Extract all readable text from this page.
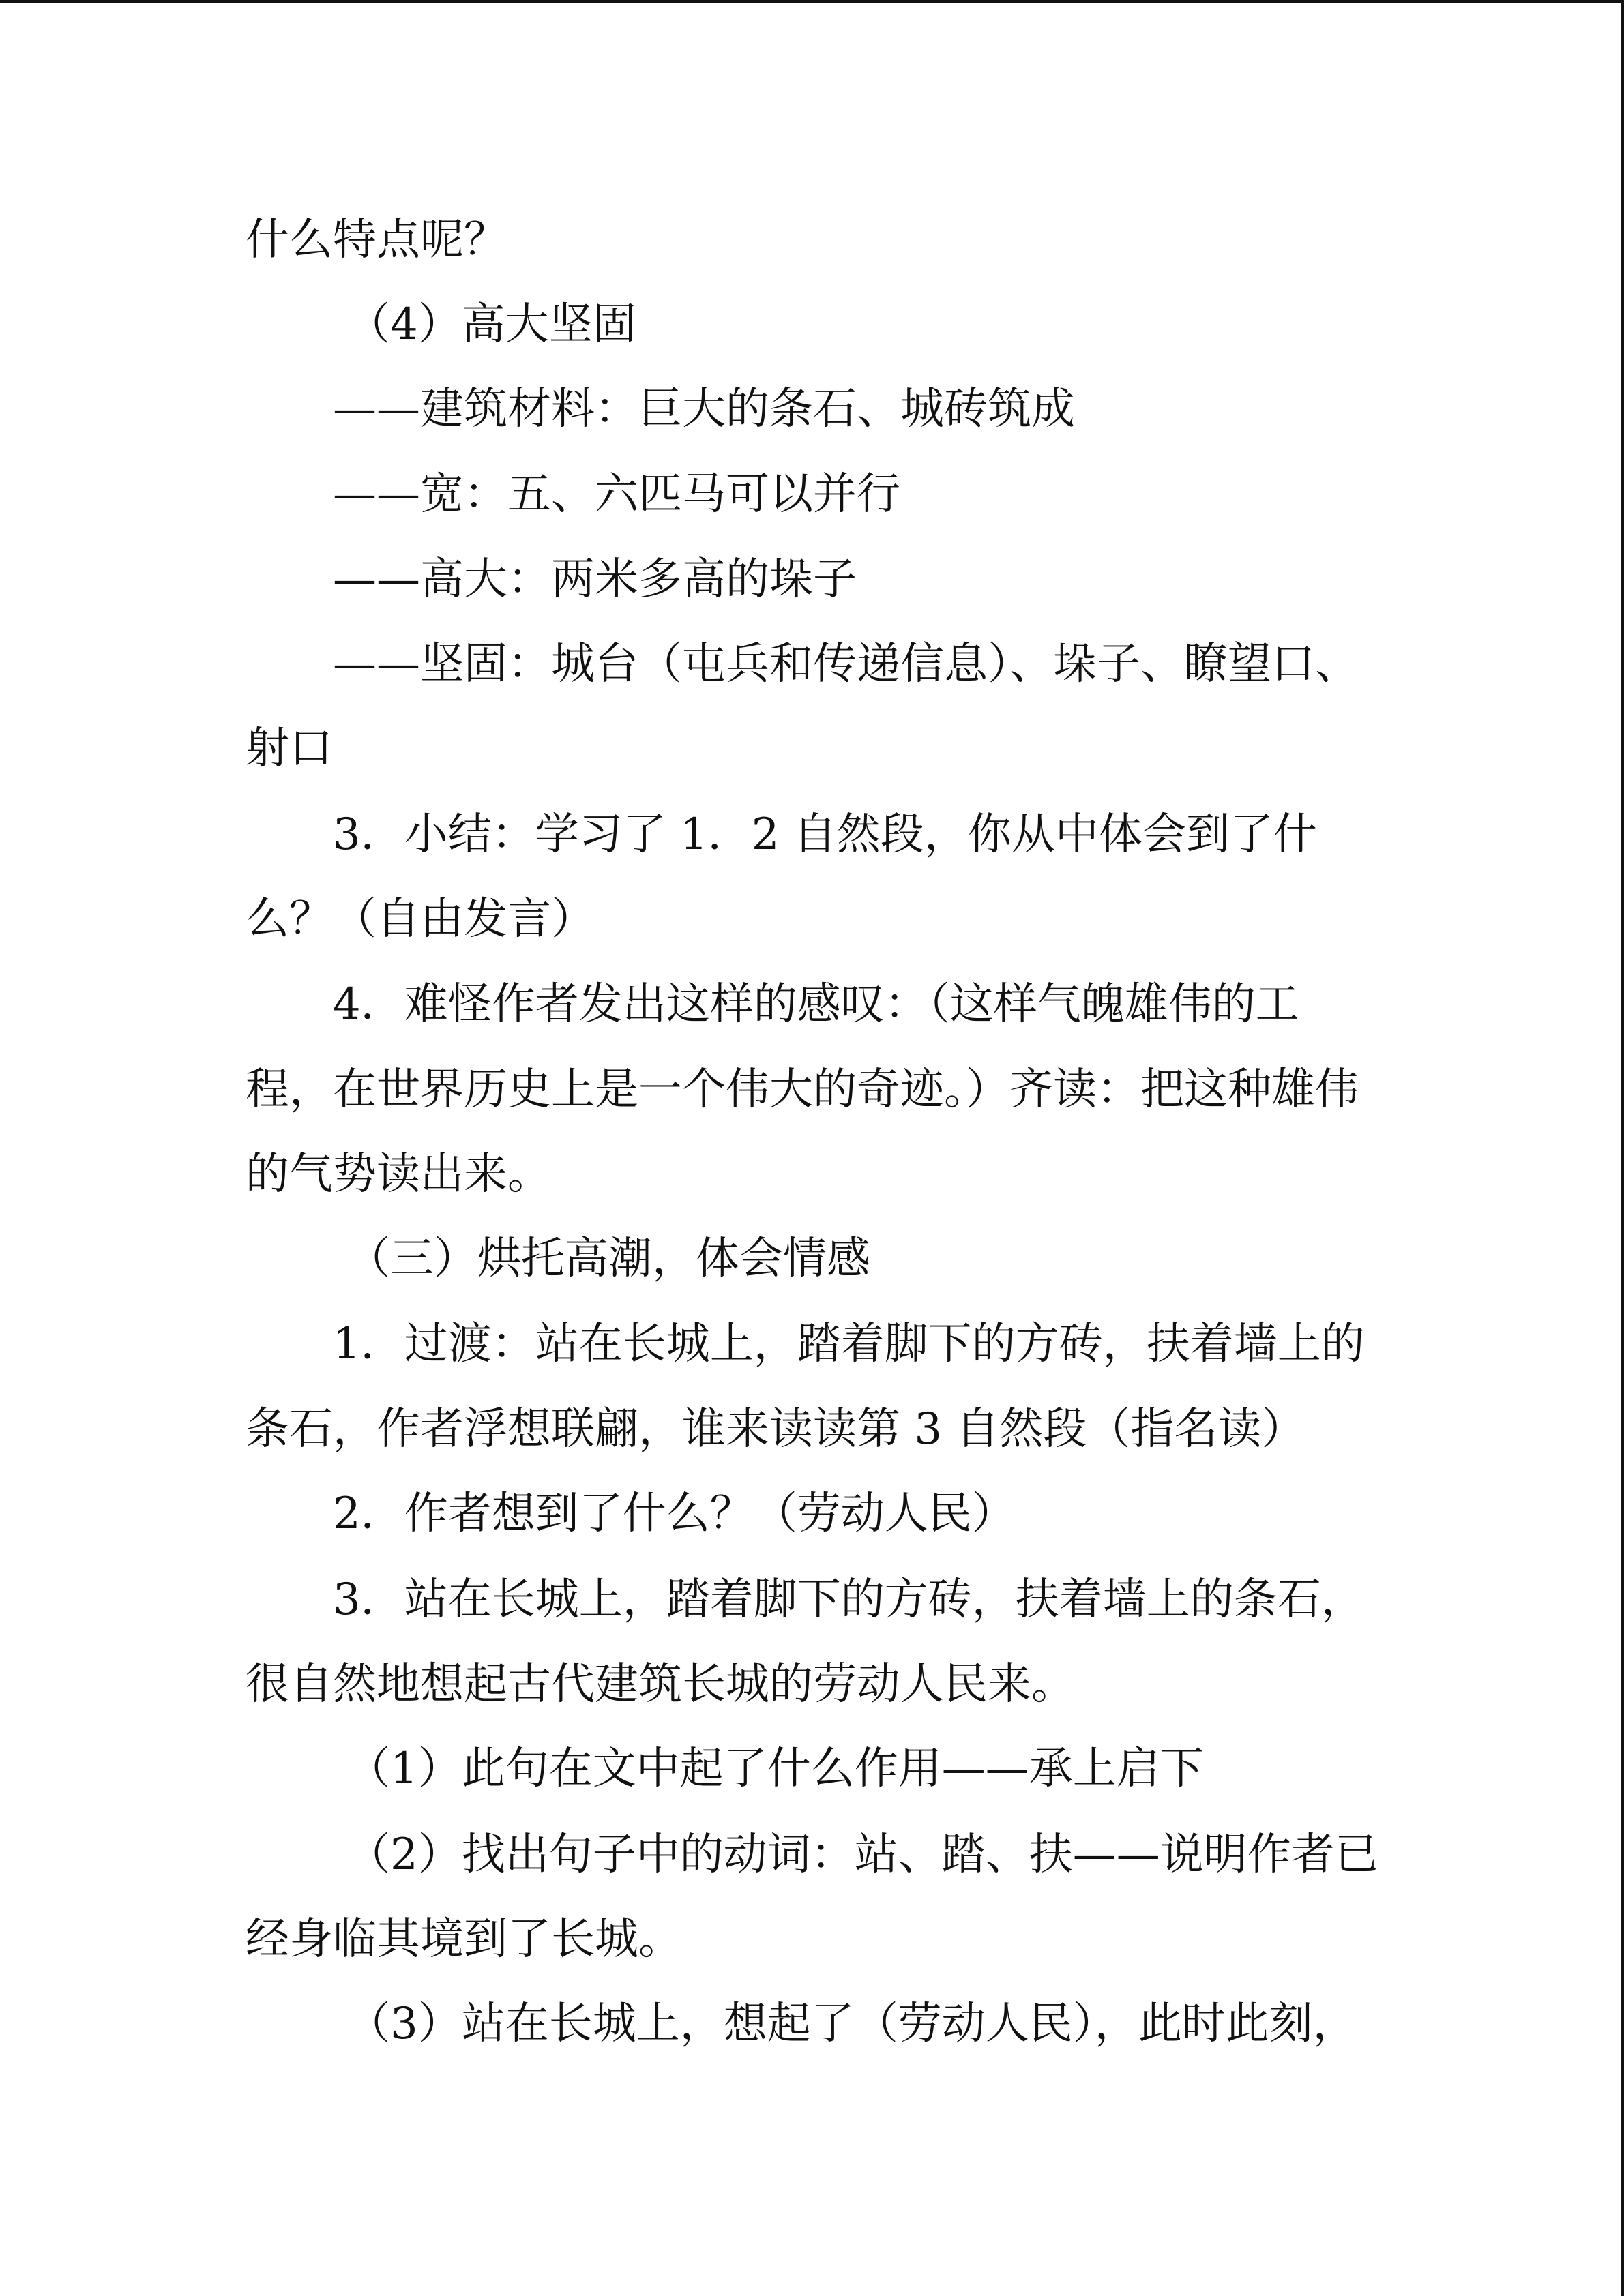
什么特点呢？
（4）高大坚固
——建筑材料：巨大的条石、城砖筑成
——宽：五、六匹马可以并行
——高大：两米多高的垛子
——坚固：城台（屯兵和传递信息）、垛子、瞭望口、
射口
3．小结：学习了 1．2 自然段，你从中体会到了什
么？（自由发言）
4．难怪作者发出这样的感叹：（这样气魄雄伟的工
程，在世界历史上是一个伟大的奇迹。）齐读：把这种雄伟
的气势读出来。
（三）烘托高潮，体会情感
1．过渡：站在长城上，踏着脚下的方砖，扶着墙上的
条石，作者浮想联翩，谁来读读第 3 自然段（指名读）
2．作者想到了什么？（劳动人民）
3．站在长城上，踏着脚下的方砖，扶着墙上的条石，
很自然地想起古代建筑长城的劳动人民来。
（1）此句在文中起了什么作用——承上启下
（2）找出句子中的动词：站、踏、扶——说明作者已
经身临其境到了长城。
（3）站在长城上，想起了（劳动人民），此时此刻，
